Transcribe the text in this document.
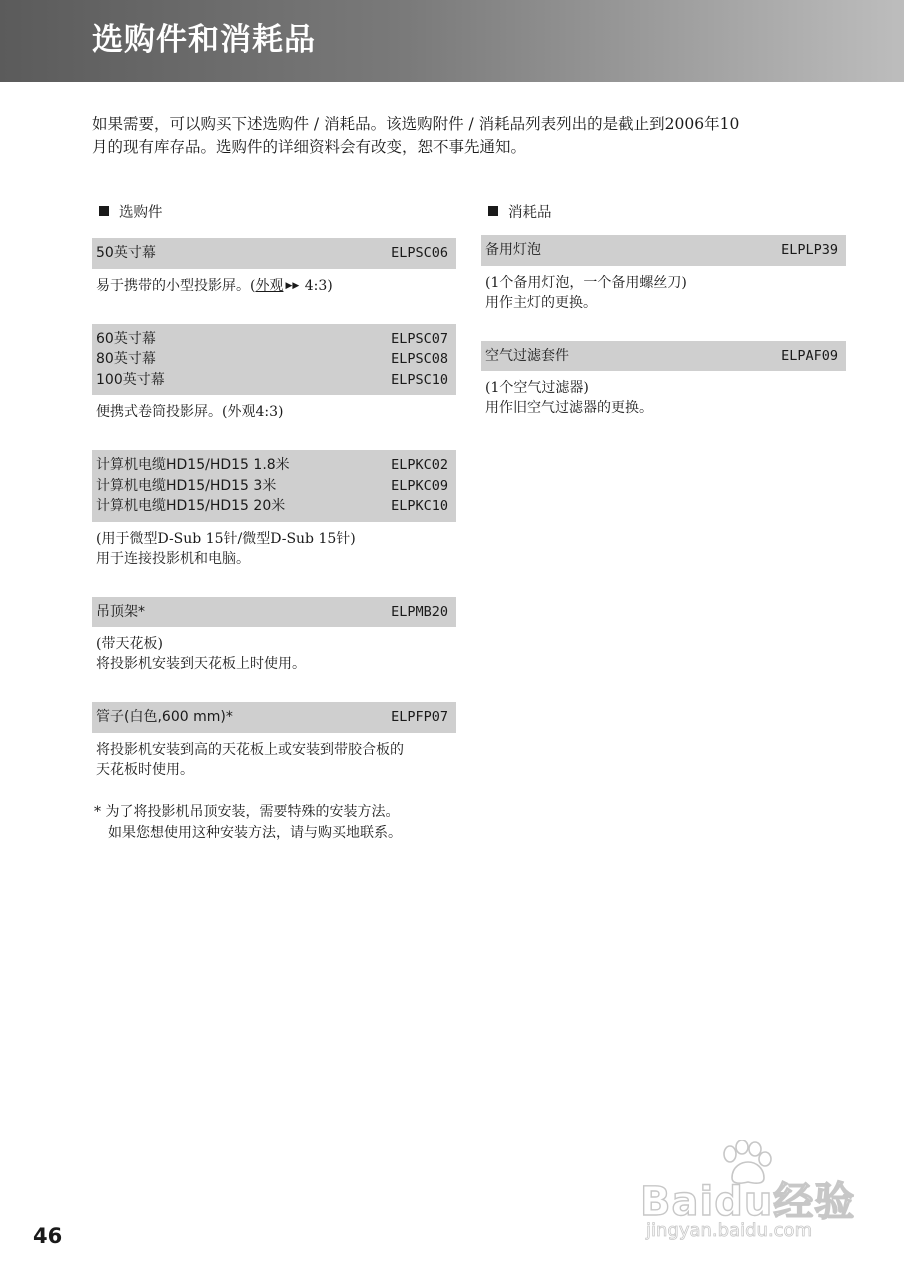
选购件和消耗品

如果需要，可以购买下述选购件 / 消耗品。该选购附件 / 消耗品列表列出的是截止到2006年10
月的现有库存品。选购件的详细资料会有改变，恕不事先通知。

选购件
50英寸幕	ELPSC06

易于携带的小型投影屏。(外观 ▶▶ 4:3)

60英寸幕	ELPSC07
80英寸幕	ELPSC08
100英寸幕	ELPSC10

便携式卷筒投影屏。(外观4:3)

计算机电缆HD15/HD15 1.8米	ELPKC02
计算机电缆HD15/HD15 3米	ELPKC09
计算机电缆HD15/HD15 20米	ELPKC10

(用于微型D-Sub 15针/微型D-Sub 15针)
用于连接投影机和电脑。

吊顶架*	ELPMB20

(带天花板)
将投影机安装到天花板上时使用。

管子(白色,600 mm)*	ELPFP07

将投影机安装到高的天花板上或安装到带胶合板的
天花板时使用。

* 为了将投影机吊顶安装，需要特殊的安装方法。
如果您想使用这种安装方法，请与购买地联系。
消耗品
备用灯泡	ELPLP39

(1个备用灯泡，一个备用螺丝刀)
用作主灯的更换。

空气过滤套件	ELPAF09

(1个空气过滤器)
用作旧空气过滤器的更换。

46
Baidu经验
jingyan.baidu.com
